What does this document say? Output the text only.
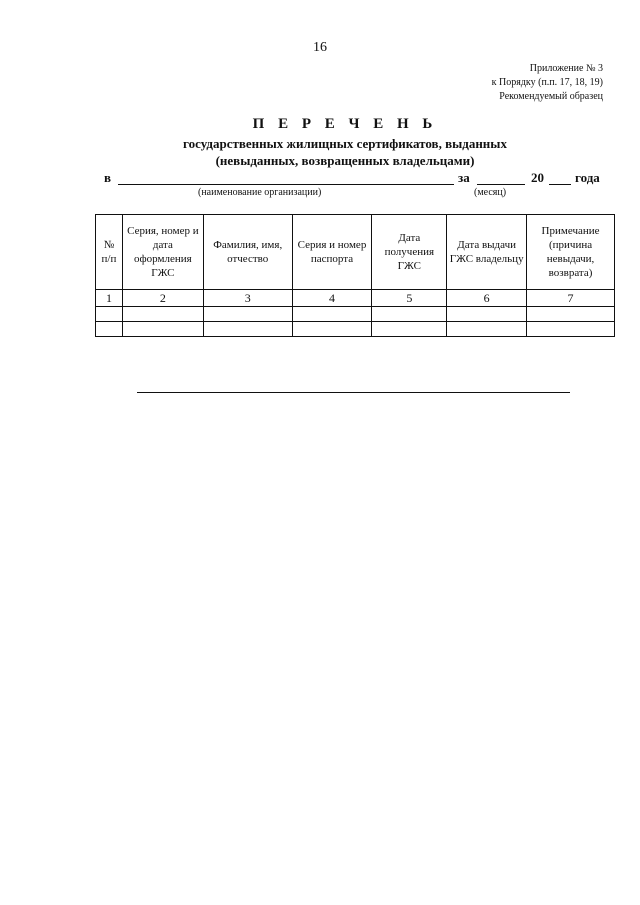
16
Приложение № 3
к Порядку (п.п. 17, 18, 19)
Рекомендуемый образец
П Е Р Е Ч Е Н Ь
государственных жилищных сертификатов, выданных
(невыданных, возвращенных владельцами)
в	за	20 года
(наименование организации)	(месяц)
№ п/п	Серия, номер и дата оформления ГЖС	Фамилия, имя, отчество	Серия и номер паспорта	Дата получения ГЖС	Дата выдачи ГЖС владельцу	Примечание (причина невыдачи, возврата)
1	2	3	4	5	6	7
